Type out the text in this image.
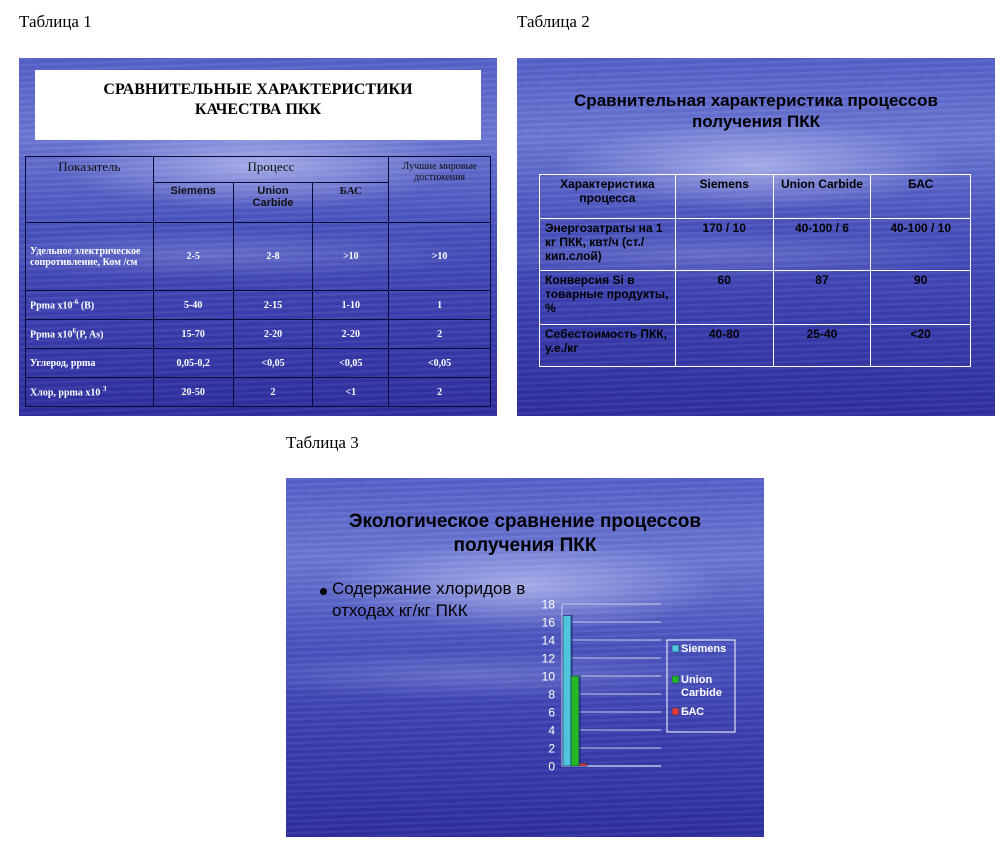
Таблица 1	Таблица 2
Таблица 3
СРАВНИТЕЛЬНЫЕ ХАРАКТЕРИСТИКИ
КАЧЕСТВА ПКК
Показатель	Процесс			Лучшие мировые достижения
	Siemens	Union Carbide	БАС	
Удельное электрическое сопротивление, Ком /см	2-5	2-8	>10	>10
Ppma $x10^{-6}$ (B)	5-40	2-15	1-10	1
Ppma $x10^6(P$, As)	15-70	2-20	2-20	2
Углерод, ppma	0,05-0,2	<0,05	<0,05	<0,05
Хлор, ppma x10 $^3$	20-50	2	<1	2
Сравнительная характеристика процессов
получения ПКК
Характеристика процесса	Siemens	Union Carbide	БАС
Энергозатраты на 1 кг ПКК, квт/ч (ст./кип.слой)	170 / 10	40-100 / 6	40-100 / 10
Конверсия Si в товарные продукты, %	60	87	90
Себестоимость ПКК, у.е./кг	40-80	25-40	<20
Экологическое сравнение процессов
получения ПКК
Содержание хлоридов в отходах кг/кг ПКК
0
2
4
6
8
10
12
14
16
18
Siemens
Union Carbide
БАС
